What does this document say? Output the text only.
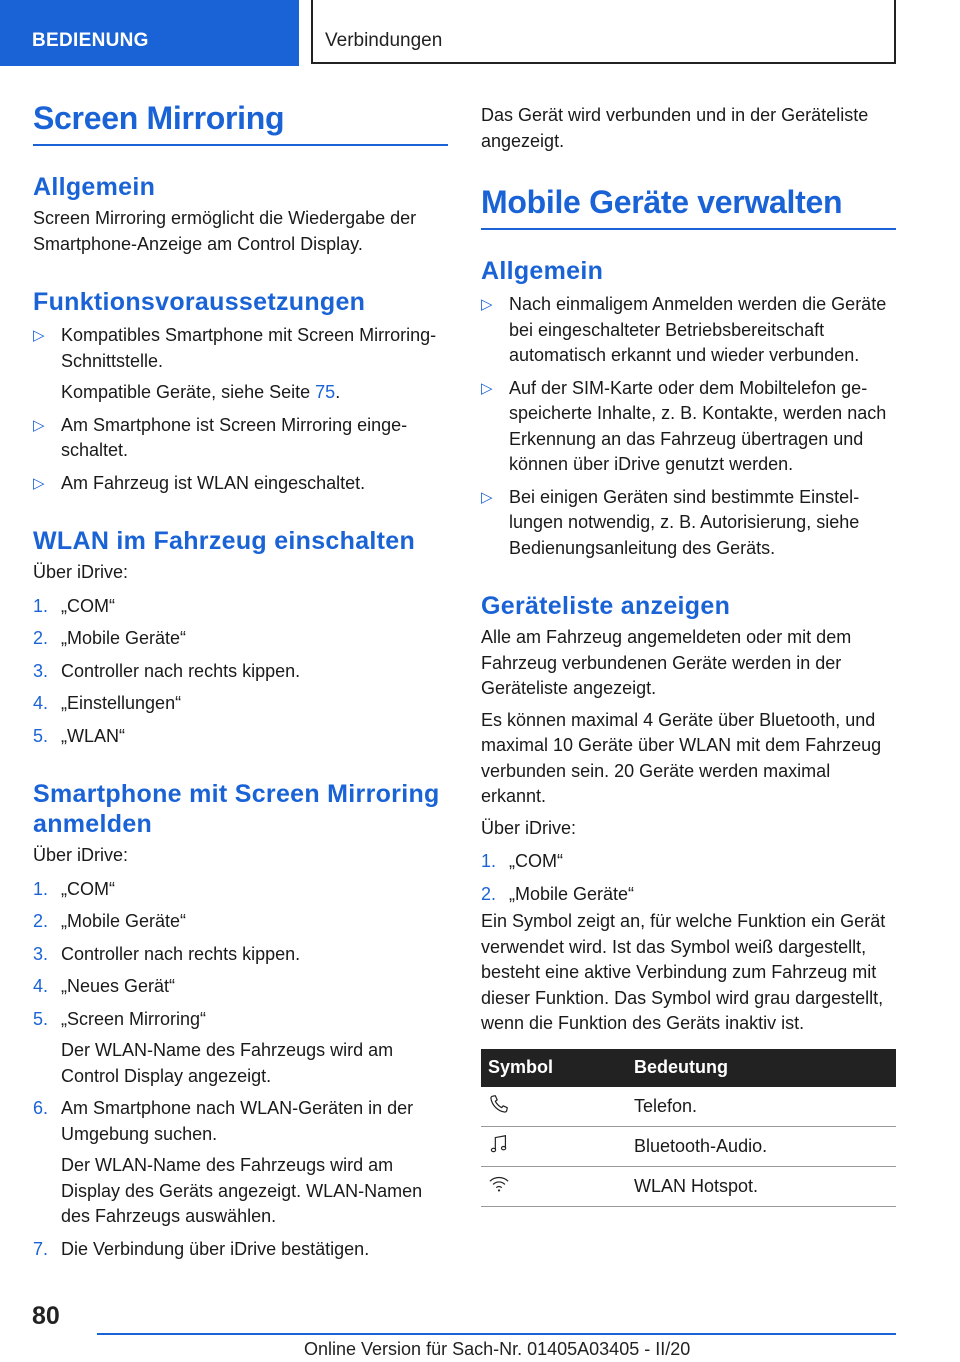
BEDIENUNG	Verbindungen
Screen Mirroring
Allgemein

Screen Mirroring ermöglicht die Wiedergabe der Smartphone-Anzeige am Control Display.

Funktionsvoraussetzungen
▷ Kompatibles Smartphone mit Screen Mirroring-Schnittstelle.

Kompatible Geräte, siehe Seite 75.

▷ Am Smartphone ist Screen Mirroring eingeschaltet.
▷ Am Fahrzeug ist WLAN eingeschaltet.
WLAN im Fahrzeug einschalten

Über iDrive:

1. „COM“
2. „Mobile Geräte“
3. Controller nach rechts kippen.
4. „Einstellungen“
5. „WLAN“
Smartphone mit Screen Mirroring anmelden

Über iDrive:

1. „COM“
2. „Mobile Geräte“
3. Controller nach rechts kippen.
4. „Neues Gerät“
5. „Screen Mirroring“

Der WLAN-Name des Fahrzeugs wird am Control Display angezeigt.

6. Am Smartphone nach WLAN-Geräten in der Umgebung suchen.

Der WLAN-Name des Fahrzeugs wird am Display des Geräts angezeigt. WLAN-Namen des Fahrzeugs auswählen.

7. Die Verbindung über iDrive bestätigen.

Das Gerät wird verbunden und in der Geräteliste angezeigt.

Mobile Geräte verwalten
Allgemein
▷ Nach einmaligem Anmelden werden die Geräte bei eingeschalteter Betriebsbereitschaft automatisch erkannt und wieder verbunden.
▷ Auf der SIM-Karte oder dem Mobiltelefon gespeicherte Inhalte, z. B. Kontakte, werden nach Erkennung an das Fahrzeug übertragen und können über iDrive genutzt werden.
▷ Bei einigen Geräten sind bestimmte Einstellungen notwendig, z. B. Autorisierung, siehe Bedienungsanleitung des Geräts.
Geräteliste anzeigen

Alle am Fahrzeug angemeldeten oder mit dem Fahrzeug verbundenen Geräte werden in der Geräteliste angezeigt.

Es können maximal 4 Geräte über Bluetooth, und maximal 10 Geräte über WLAN mit dem Fahrzeug verbunden sein. 20 Geräte werden maximal erkannt.

Über iDrive:

1. „COM“
2. „Mobile Geräte“

Ein Symbol zeigt an, für welche Funktion ein Gerät verwendet wird. Ist das Symbol weiß dargestellt, besteht eine aktive Verbindung zum Fahrzeug mit dieser Funktion. Das Symbol wird grau dargestellt, wenn die Funktion des Geräts inaktiv ist.

Symbol	Bedeutung
	Telefon.
	Bluetooth-Audio.
	WLAN Hotspot.
80
Online Version für Sach-Nr. 01405A03405 - II/20
